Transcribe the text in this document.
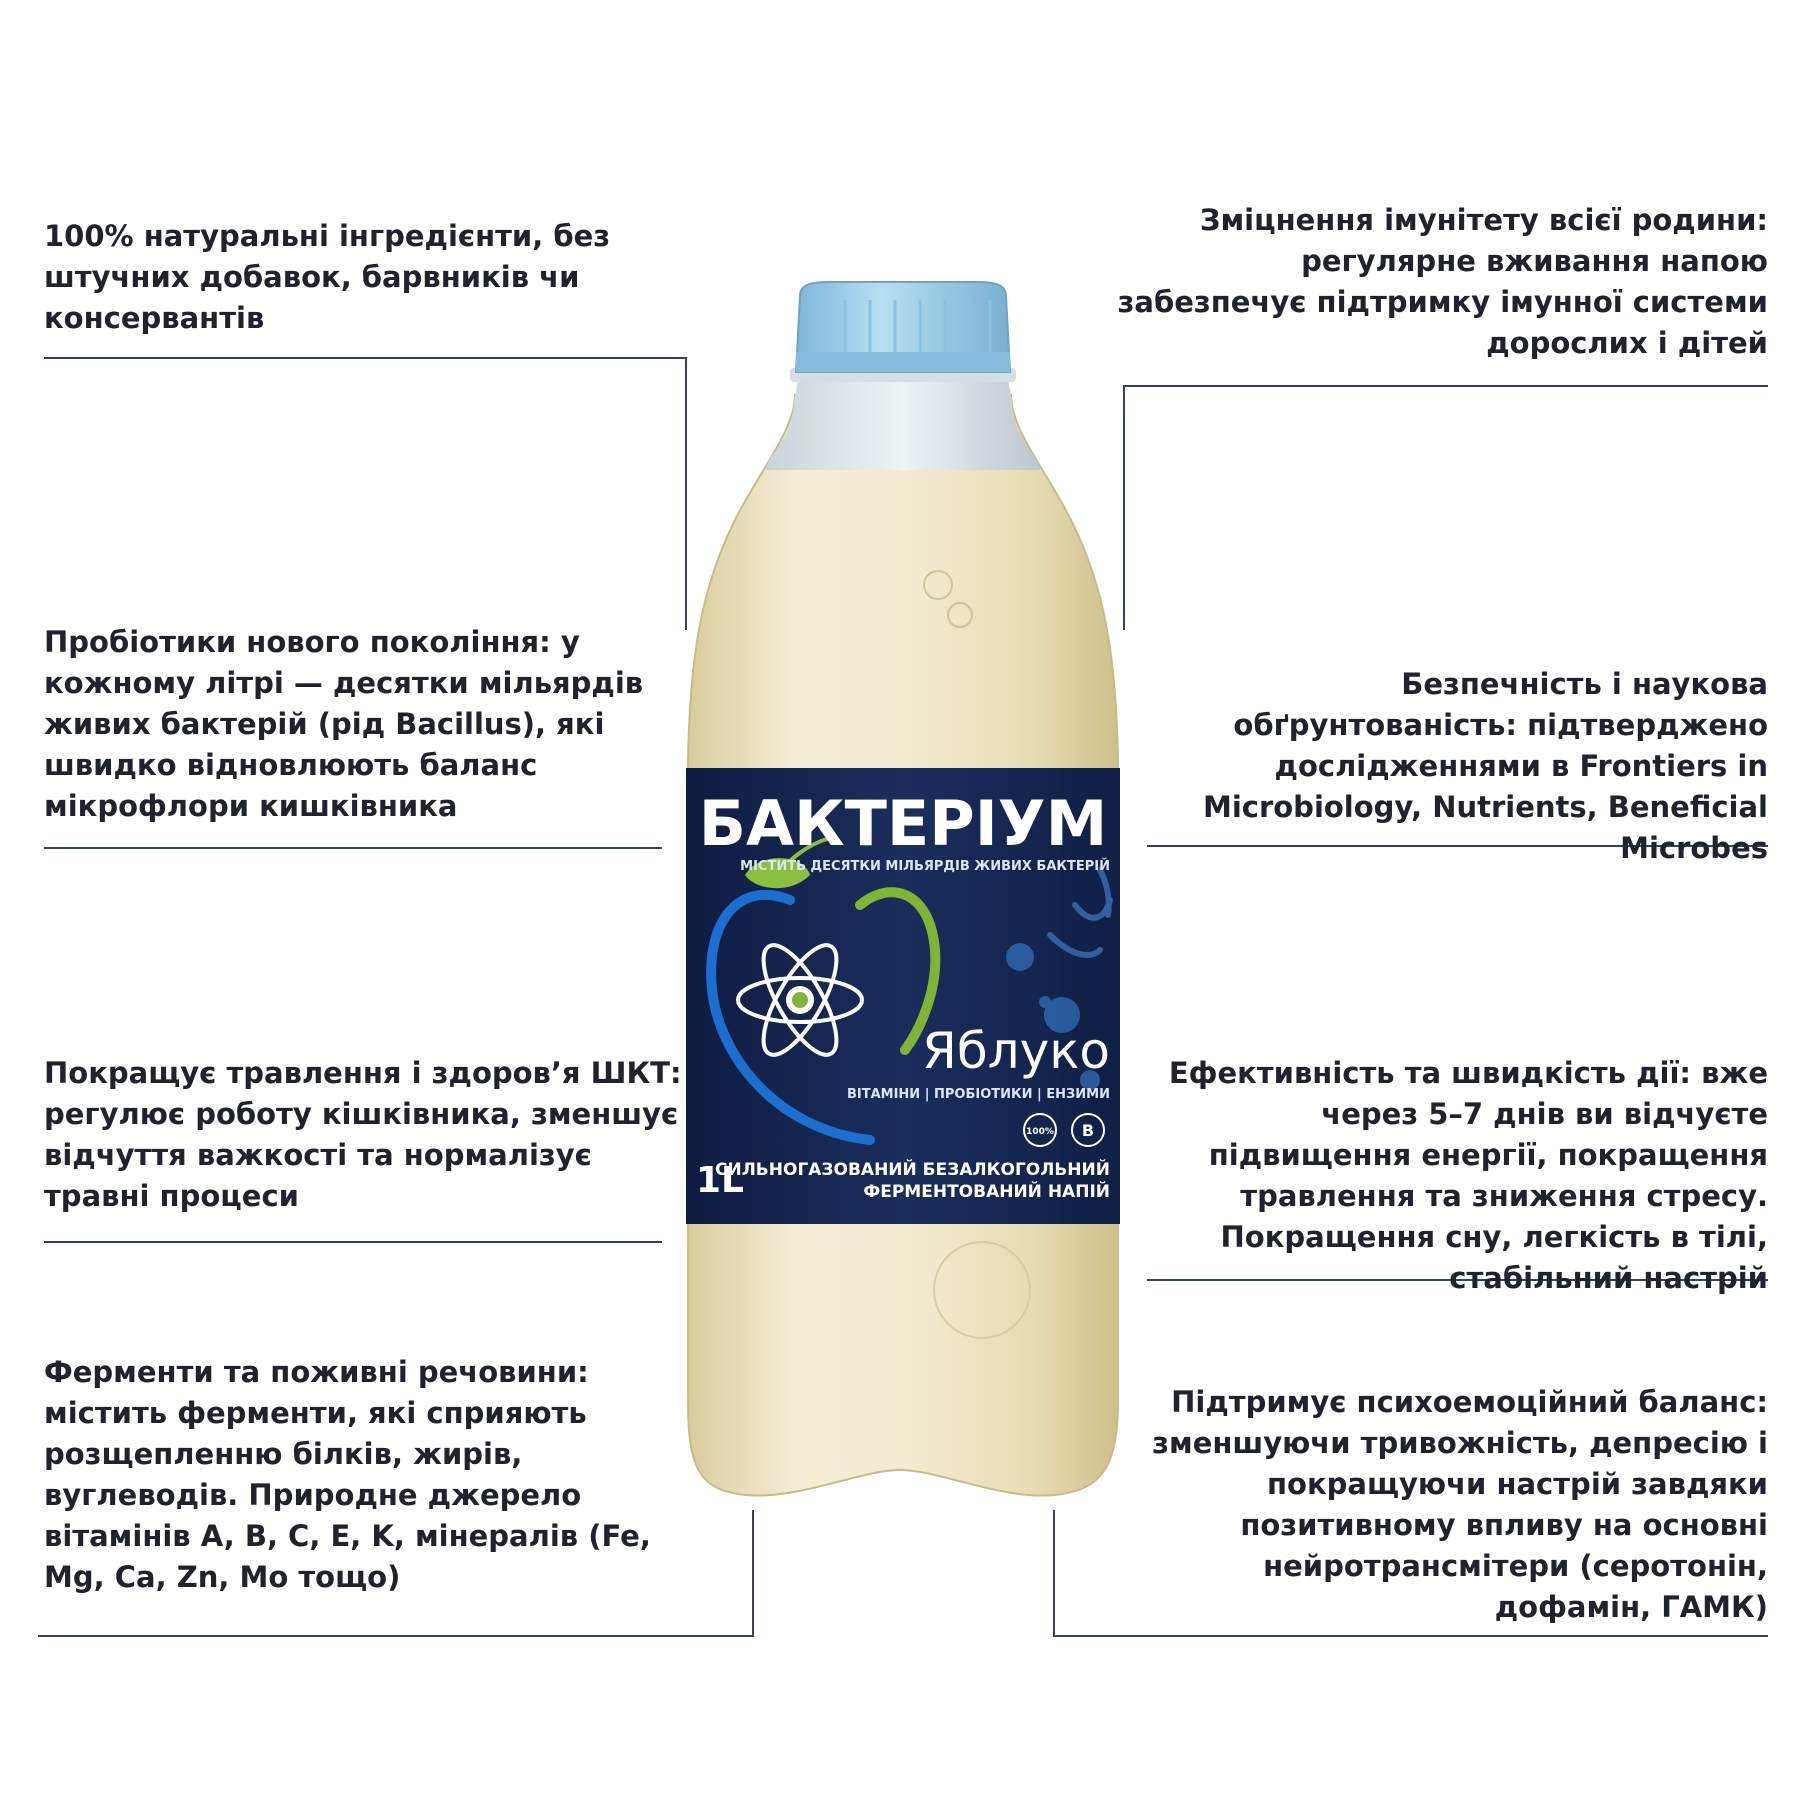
БАКТЕРІУМ
МІСТИТЬ ДЕСЯТКИ МІЛЬЯРДІВ ЖИВИХ БАКТЕРІЙ
Яблуко
ВІТАМІНИ | ПРОБІОТИКИ | ЕНЗИМИ
100% B
1L
СИЛЬНОГАЗОВАНИЙ БЕЗАЛКОГОЛЬНИЙ
ФЕРМЕНТОВАНИЙ НАПІЙ

100% натуральні інгредієнти, без штучних добавок, барвників чи консервантів

Пробіотики нового покоління: у кожному літрі — десятки мільярдів живих бактерій (рід Bacillus), які швидко відновлюють баланс мікрофлори кишківника

Покращує травлення і здоров’я ШКТ: регулює роботу кішківника, зменшує відчуття важкості та нормалізує травні процеси

Ферменти та поживні речовини: містить ферменти, які сприяють розщепленню білків, жирів, вуглеводів. Природне джерело вітамінів A, B, C, E, K, мінералів (Fe, Mg, Ca, Zn, Mo тощо)

Зміцнення імунітету всієї родини: регулярне вживання напою забезпечує підтримку імунної системи дорослих і дітей

Безпечність і наукова обґрунтованість: підтверджено дослідженнями в Frontiers in Microbiology, Nutrients, Beneficial Microbes

Ефективність та швидкість дії: вже через 5–7 днів ви відчуєте підвищення енергії, покращення травлення та зниження стресу. Покращення сну, легкість в тілі, стабільний настрій

Підтримує психоемоційний баланс: зменшуючи тривожність, депресію і покращуючи настрій завдяки позитивному впливу на основні нейротрансмітери (серотонін, дофамін, ГАМК)
